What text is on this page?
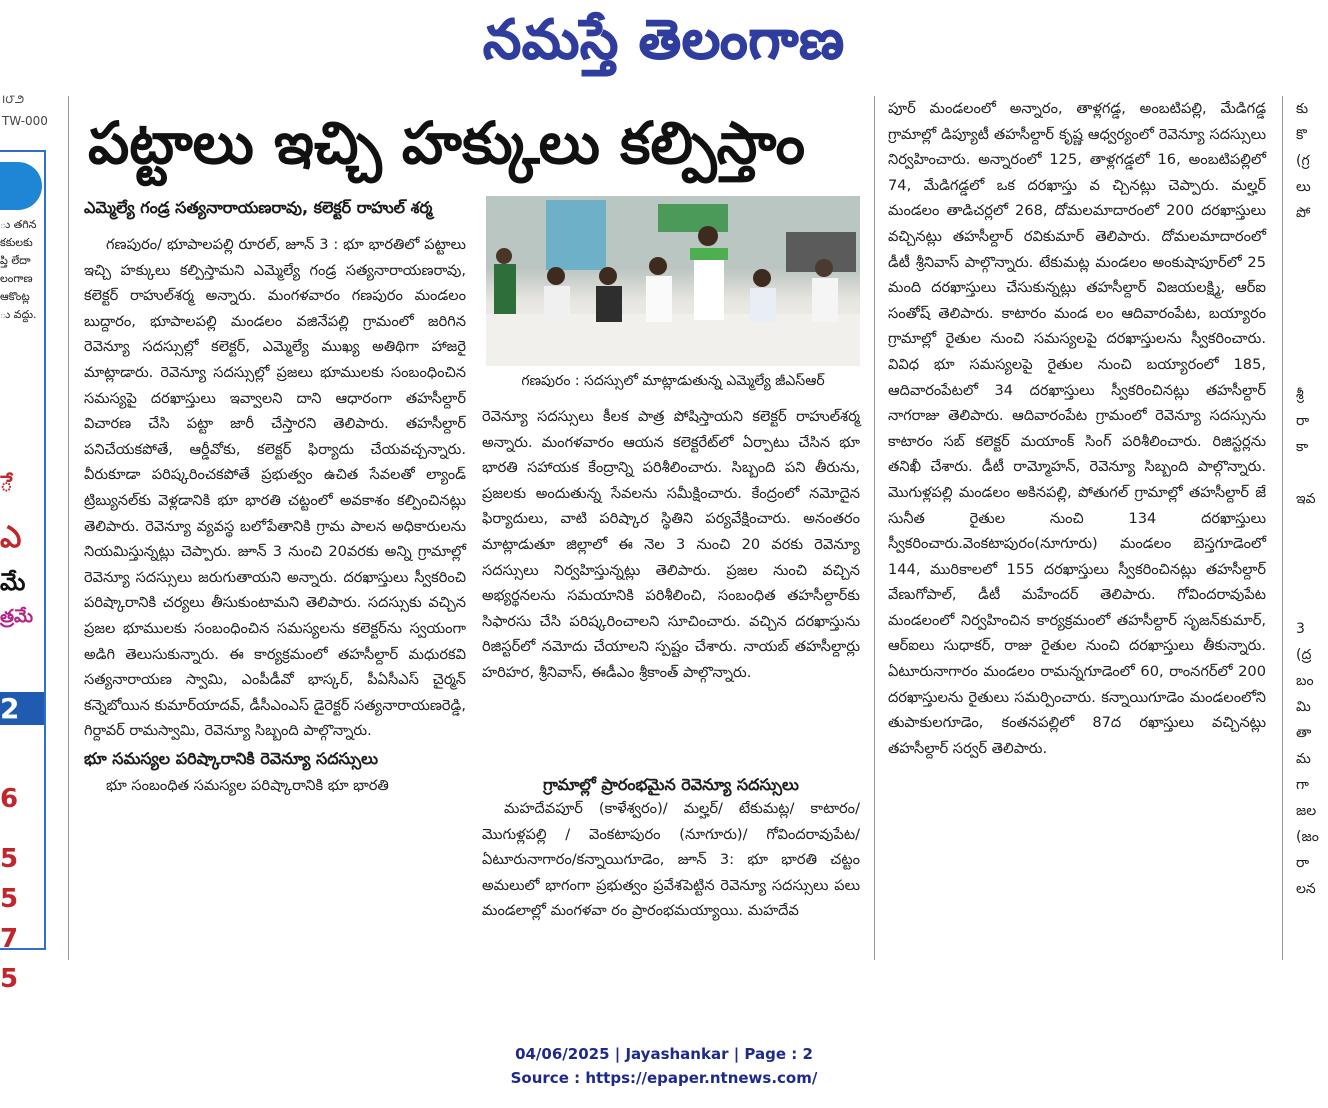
నమస్తే తెలంగాణ
౹౮౨
TW-000
ు తగిన
కకులకు
ప్తి లేదా
లంగాణ
ఆకొంట్ల
ు వద్దు.
ే
ఎ
మే
త్రమే
2
6
5
5
7
5
పట్టాలు ఇచ్చి హక్కులు కల్పిస్తాం
ఎమ్మెల్యే గండ్ర సత్యనారాయణరావు, కలెక్టర్ రాహుల్ శర్మ

గణపురం/ భూపాలపల్లి రూరల్, జూన్ 3 : భూ భారతిలో పట్టాలు ఇచ్చి హక్కులు కల్పిస్తామని ఎమ్మెల్యే గండ్ర సత్యనారాయణరావు, కలెక్టర్ రాహుల్‌శర్మ అన్నారు. మంగళవారం గణపురం మండలం బుద్దారం, భూపాలపల్లి మండలం వజినేపల్లి గ్రామంలో జరిగిన రెవెన్యూ సదస్సుల్లో కలెక్టర్, ఎమ్మెల్యే ముఖ్య అతిథిగా హాజరై మాట్లాడారు. రెవెన్యూ సదస్సుల్లో ప్రజలు భూములకు సంబంధించిన సమస్యపై దరఖాస్తులు ఇవ్వాలని దాని ఆధారంగా తహసీల్దార్ విచారణ చేసి పట్టా జారీ చేస్తారని తెలిపారు. తహసీల్దార్ పనిచేయకపోతే, ఆర్డీవోకు, కలెక్టర్ ఫిర్యాదు చేయవచ్చన్నారు. వీరుకూడా పరిష్కరించకపోతే ప్రభుత్వం ఉచిత సేవలతో ల్యాండ్ ట్రిబ్యునల్‌కు వెళ్లడానికి భూ భారతి చట్టంలో అవకాశం కల్పించినట్లు తెలిపారు. రెవెన్యూ వ్యవస్థ బలోపేతానికి గ్రామ పాలన అధికారులను నియమిస్తున్నట్లు చెప్పారు. జూన్ 3 నుంచి 20వరకు అన్ని గ్రామాల్లో రెవెన్యూ సదస్సులు జరుగుతాయని అన్నారు. దరఖాస్తులు స్వీకరించి పరిష్కారానికి చర్యలు తీసుకుంటామని తెలిపారు. సదస్సుకు వచ్చిన ప్రజల భూములకు సంబంధించిన సమస్యలను కలెక్టర్‌ను స్వయంగా అడిగి తెలుసుకున్నారు. ఈ కార్యక్రమంలో తహసీల్దార్ మధురకవి సత్యనారాయణ స్వామి, ఎంపీడీవో భాస్కర్, పీఏసీఎస్ చైర్మన్ కన్నెబోయిన కుమార్‌యాదవ్, డీసీఎంఎస్ డైరెక్టర్ సత్యనారాయణరెడ్డి, గిర్దావర్ రామస్వామి, రెవెన్యూ సిబ్బంది పాల్గొన్నారు.

భూ సమస్యల పరిష్కారానికి రెవెన్యూ సదస్సులు

భూ సంబంధిత సమస్యల పరిష్కారానికి భూ భారతి

గణపురం : సదస్సులో మాట్లాడుతున్న ఎమ్మెల్యే జీఎస్‌ఆర్

రెవెన్యూ సదస్సులు కీలక పాత్ర పోషిస్తాయని కలెక్టర్ రాహుల్‌శర్మ అన్నారు. మంగళవారం ఆయన కలెక్టరేట్‌లో ఏర్పాటు చేసిన భూ భారతి సహాయక కేంద్రాన్ని పరిశీలించారు. సిబ్బంది పని తీరును, ప్రజలకు అందుతున్న సేవలను సమీక్షించారు. కేంద్రంలో నమోదైన ఫిర్యాదులు, వాటి పరిష్కార స్థితిని పర్యవేక్షించారు. అనంతరం మాట్లాడుతూ జిల్లాలో ఈ నెల 3 నుంచి 20 వరకు రెవెన్యూ సదస్సులు నిర్వహిస్తున్నట్లు తెలిపారు. ప్రజల నుంచి వచ్చిన అభ్యర్థనలను సమయానికి పరిశీలించి, సంబంధిత తహసీల్దార్‌కు సిఫారసు చేసి పరిష్కరించాలని సూచించారు. వచ్చిన దరఖాస్తును రిజిస్టర్‌లో నమోదు చేయాలని స్పష్టం చేశారు. నాయబ్ తహసీల్దార్లు హరిహర, శ్రీనివాస్, ఈడీఎం శ్రీకాంత్ పాల్గొన్నారు.

గ్రామాల్లో ప్రారంభమైన రెవెన్యూ సదస్సులు

మహదేవపూర్ (కాళేశ్వరం)/ మల్హర్/ టేకుమట్ల/ కాటారం/ మొగుళ్లపల్లి / వెంకటాపురం (నూగూరు)/ గోవిందరావుపేట/ ఏటూరునాగారం/కన్నాయిగూడెం, జూన్ 3: భూ భారతి చట్టం అమలులో భాగంగా ప్రభుత్వం ప్రవేశపెట్టిన రెవెన్యూ సదస్సులు పలు మండలాల్లో మంగళవా రం ప్రారంభమయ్యాయి. మహదేవ

పూర్ మండలంలో అన్నారం, తాళ్లగడ్డ, అంబటిపల్లి, మేడిగడ్డ గ్రామాల్లో డిప్యూటీ తహసీల్దార్ కృష్ణ ఆధ్వర్యంలో రెవెన్యూ సదస్సులు నిర్వహించారు. అన్నారంలో 125, తాళ్లగడ్డలో 16, అంబటిపల్లిలో 74, మేడిగడ్డలో ఒక దరఖాస్తు వ చ్చినట్లు చెప్పారు. మల్హర్ మండలం తాడిచర్లలో 268, దోమలమాదారంలో 200 దరఖాస్తులు వచ్చినట్లు తహసీల్దార్ రవికుమార్ తెలిపారు. దోమలమాదారంలో డీటీ శ్రీనివాస్ పాల్గొన్నారు. టేకుమట్ల మండలం అంకుషాపూర్‌లో 25 మంది దరఖాస్తులు చేసుకున్నట్లు తహసీల్దార్ విజయలక్ష్మి, ఆర్ఐ సంతోష్ తెలిపారు. కాటారం మండ లం ఆదివారంపేట, బయ్యారం గ్రామాల్లో రైతుల నుంచి సమస్యలపై దరఖాస్తులను స్వీకరించారు. వివిధ భూ సమస్యలపై రైతుల నుంచి బయ్యారంలో 185, ఆదివారంపేటలో 34 దరఖాస్తులు స్వీకరించినట్లు తహసీల్దార్ నాగరాజు తెలిపారు. ఆదివారంపేట గ్రామంలో రెవెన్యూ సదస్సును కాటారం సబ్ కలెక్టర్ మయాంక్ సింగ్ పరిశీలించారు. రిజిస్టర్లను తనిఖీ చేశారు. డీటీ రామ్మోహన్, రెవెన్యూ సిబ్బంది పాల్గొన్నారు. మొగుళ్లపల్లి మండలం అకినపల్లి, పోతుగల్ గ్రామాల్లో తహసీల్దార్ జే సునీత రైతుల నుంచి 134 దరఖాస్తులు స్వీకరించారు.వెంకటాపురం(నూగూరు) మండలం బెస్తగూడెంలో 144, మురికాలలో 155 దరఖాస్తులు స్వీకరించినట్లు తహసీల్దార్ వేణుగోపాల్, డీటీ మహేందర్ తెలిపారు. గోవిందరావుపేట మండలంలో నిర్వహించిన కార్యక్రమంలో తహసీల్దార్ సృజన్‌కుమార్, ఆర్ఐలు సుధాకర్, రాజు రైతుల నుంచి దరఖాస్తులు తీకున్నారు. ఏటూరునాగారం మండలం రామన్నగూడెంలో 60, రాంనగర్‌లో 200 దరఖాస్తులను రైతులు సమర్పించారు. కన్నాయిగూడెం మండలంలోని తుపాకులగూడెం, కంతనపల్లిలో 87ద రఖాస్తులు వచ్చినట్లు తహసీల్దార్ సర్వర్ తెలిపారు.

కు
కొ
(గ్ర
లు
పో
శ్రీ
రా
కా
ఇవ
3
(ద్ర
బం
మి
తా
మ
గా
జల
(జం
రా
లన
04/06/2025 | Jayashankar | Page : 2
Source : https://epaper.ntnews.com/
